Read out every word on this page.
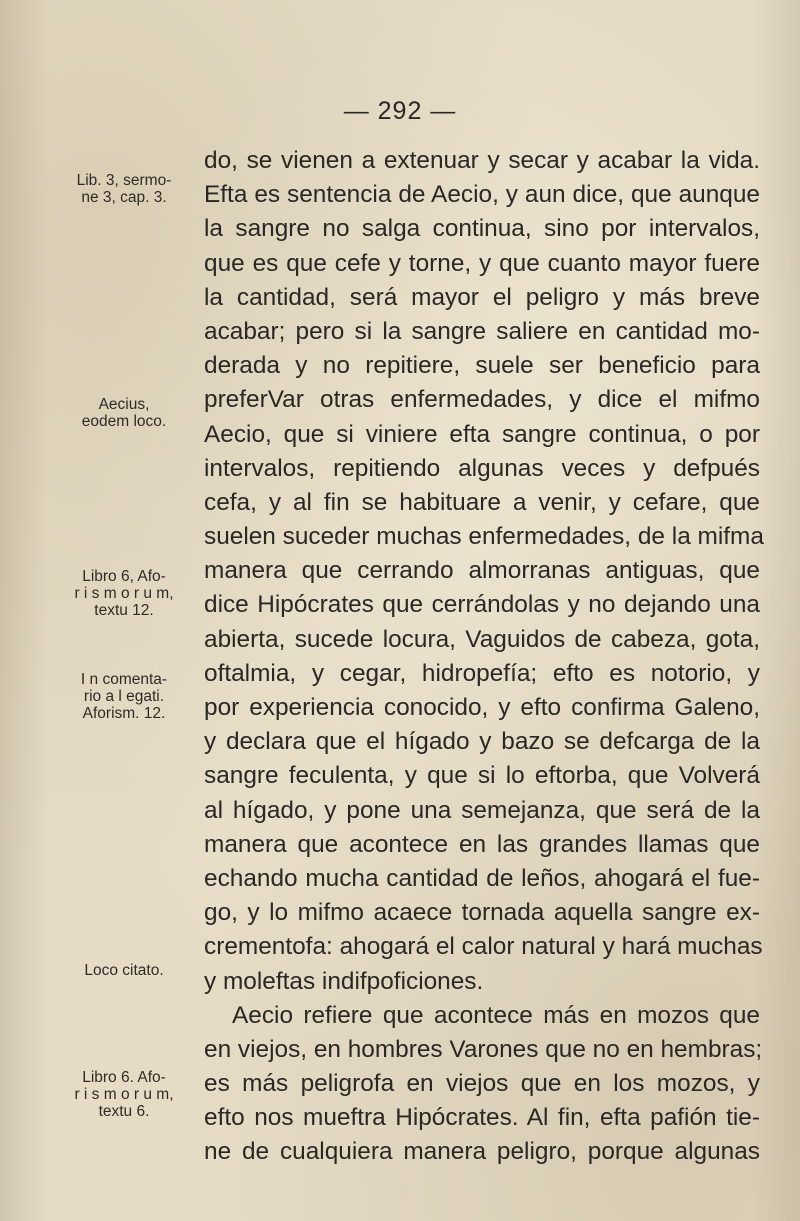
— 292 —
Lib. 3, sermo-
ne 3, cap. 3.
Aecius,
eodem loco.
Libro 6, Afo-
r i s m o r u m,
textu 12.
I n comenta-
rio a l egati.
Aforism. 12.
Loco citato.
Libro 6. Afo-
r i s m o r u m,
textu 6.
do, se vienen a extenuar y secar y acabar la vida.
Efta es sentencia de Aecio, y aun dice, que aunque
la sangre no salga continua, sino por intervalos,
que es que cefe y torne, y que cuanto mayor fuere
la cantidad, será mayor el peligro y más breve
acabar; pero si la sangre saliere en cantidad mo-
derada y no repitiere, suele ser beneficio para
preferVar otras enfermedades, y dice el mifmo
Aecio, que si viniere efta sangre continua, o por
intervalos, repitiendo algunas veces y defpués
cefa, y al fin se habituare a venir, y cefare, que
suelen suceder muchas enfermedades, de la mifma
manera que cerrando almorranas antiguas, que
dice Hipócrates que cerrándolas y no dejando una
abierta, sucede locura, Vaguidos de cabeza, gota,
oftalmia, y cegar, hidropefía; efto es notorio, y
por experiencia conocido, y efto confirma Galeno,
y declara que el hígado y bazo se defcarga de la
sangre feculenta, y que si lo eftorba, que Volverá
al hígado, y pone una semejanza, que será de la
manera que acontece en las grandes llamas que
echando mucha cantidad de leños, ahogará el fue-
go, y lo mifmo acaece tornada aquella sangre ex-
crementofa: ahogará el calor natural y hará muchas
y moleftas indifpoficiones.
Aecio refiere que acontece más en mozos que
en viejos, en hombres Varones que no en hembras;
es más peligrofa en viejos que en los mozos, y
efto nos mueftra Hipócrates. Al fin, efta pafión tie-
ne de cualquiera manera peligro, porque algunas
